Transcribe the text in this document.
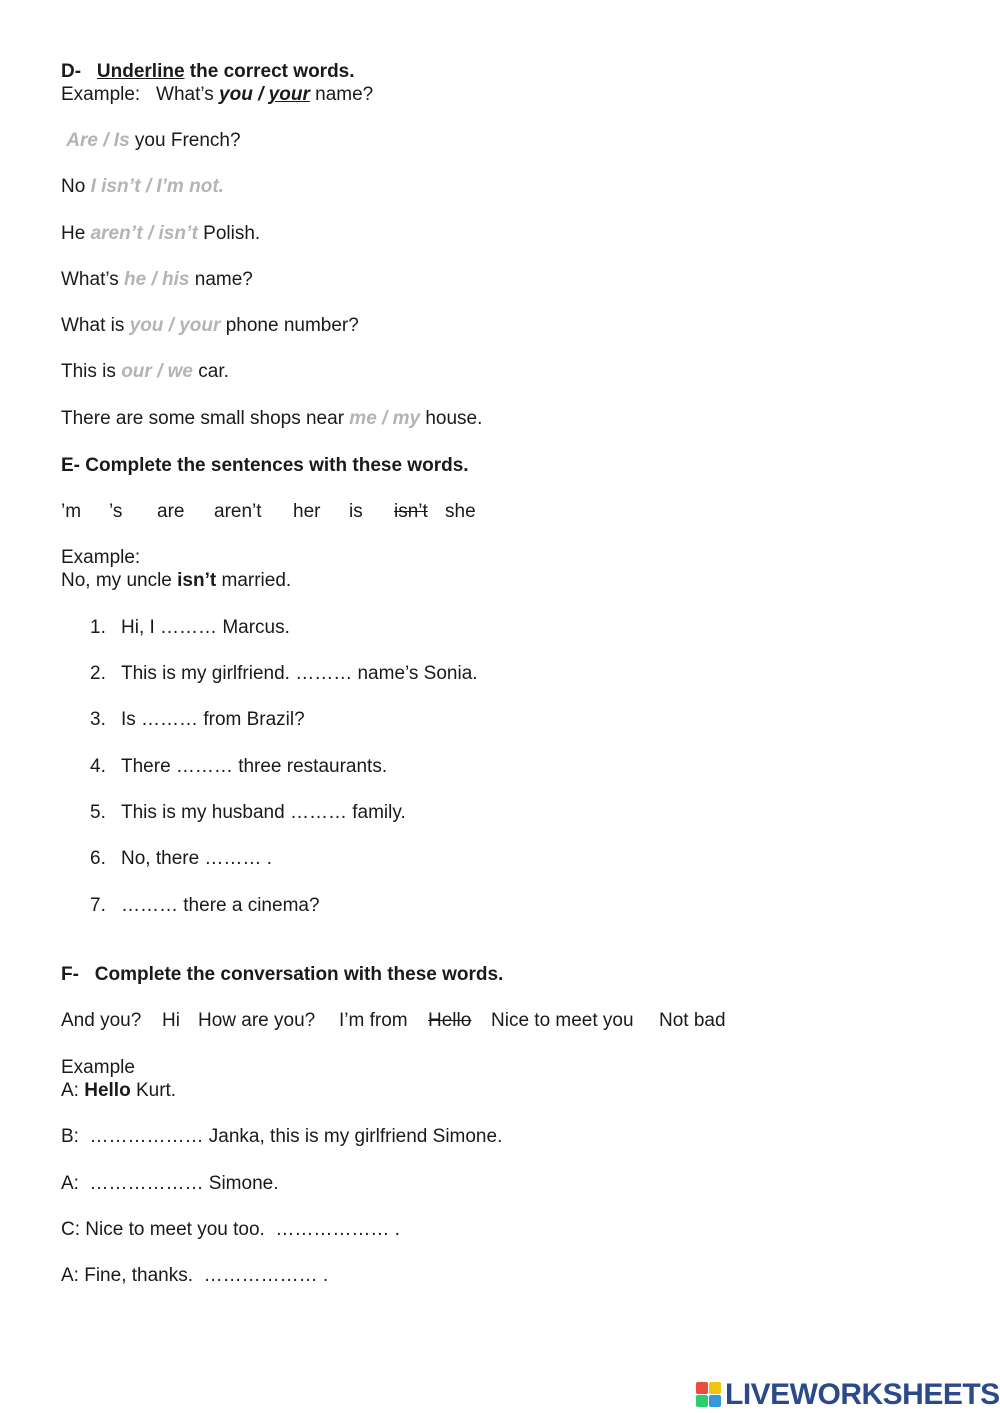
D- Underline the correct words.
Example:   What’s you / your name?
Are / Is you French?
No I isn’t / I’m not.
He aren’t / isn’t Polish.
What’s he / his name?
What is you / your phone number?
This is our / we car.
There are some small shops near me / my house.
E- Complete the sentences with these words.
’m ’s are aren’t her is isn’t she
Example:
No, my uncle isn’t married.
1. Hi, I ……… Marcus.
2. This is my girlfriend. ……… name’s Sonia.
3. Is ……… from Brazil?
4. There ……… three restaurants.
5. This is my husband ……… family.
6. No, there ……… .
7. ……… there a cinema?
F- Complete the conversation with these words.
And you? Hi How are you? I’m from Hello Nice to meet you Not bad
Example
A: Hello Kurt.
B:  ……………… Janka, this is my girlfriend Simone.
A:  ……………… Simone.
C: Nice to meet you too.  ……………… .
A: Fine, thanks.  ……………… .
LIVEWORKSHEETS
